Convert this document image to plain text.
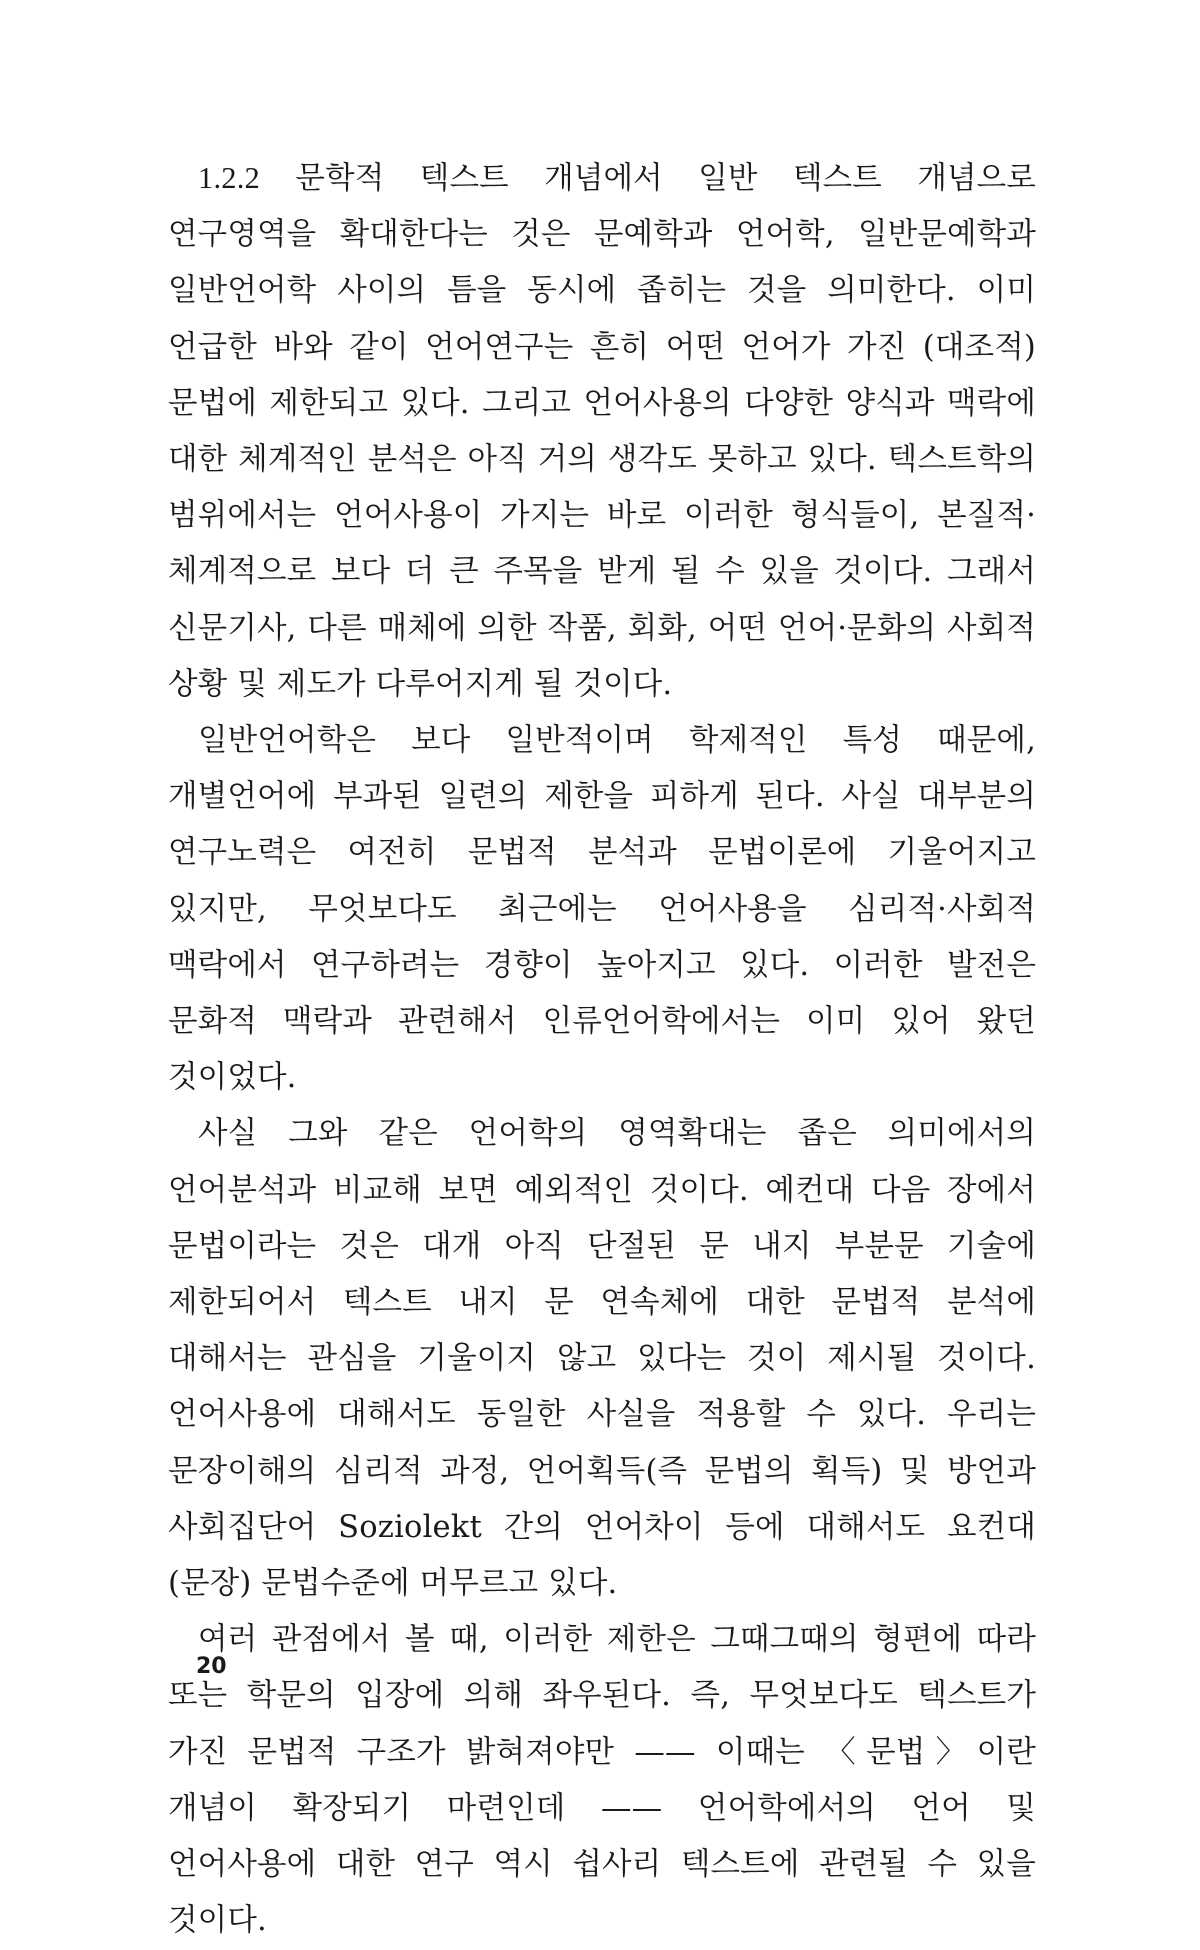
1.2.2 문학적 텍스트 개념에서 일반 텍스트 개념으로 연구영역을 확대한다는 것은 문예학과 언어학, 일반문예학과 일반언어학 사이의 틈을 동시에 좁히는 것을 의미한다. 이미 언급한 바와 같이 언어연구는 흔히 어떤 언어가 가진 (대조적) 문법에 제한되고 있다. 그리고 언어사용의 다양한 양식과 맥락에 대한 체계적인 분석은 아직 거의 생각도 못하고 있다. 텍스트학의 범위에서는 언어사용이 가지는 바로 이러한 형식들이, 본질적·체계적으로 보다 더 큰 주목을 받게 될 수 있을 것이다. 그래서 신문기사, 다른 매체에 의한 작품, 회화, 어떤 언어·문화의 사회적 상황 및 제도가 다루어지게 될 것이다.

일반언어학은 보다 일반적이며 학제적인 특성 때문에, 개별언어에 부과된 일련의 제한을 피하게 된다. 사실 대부분의 연구노력은 여전히 문법적 분석과 문법이론에 기울어지고 있지만, 무엇보다도 최근에는 언어사용을 심리적·사회적 맥락에서 연구하려는 경향이 높아지고 있다. 이러한 발전은 문화적 맥락과 관련해서 인류언어학에서는 이미 있어 왔던 것이었다.

사실 그와 같은 언어학의 영역확대는 좁은 의미에서의 언어분석과 비교해 보면 예외적인 것이다. 예컨대 다음 장에서 문법이라는 것은 대개 아직 단절된 문 내지 부분문 기술에 제한되어서 텍스트 내지 문 연속체에 대한 문법적 분석에 대해서는 관심을 기울이지 않고 있다는 것이 제시될 것이다. 언어사용에 대해서도 동일한 사실을 적용할 수 있다. 우리는 문장이해의 심리적 과정, 언어획득(즉 문법의 획득) 및 방언과 사회집단어 Soziolekt 간의 언어차이 등에 대해서도 요컨대 (문장) 문법수준에 머무르고 있다.

여러 관점에서 볼 때, 이러한 제한은 그때그때의 형편에 따라 또는 학문의 입장에 의해 좌우된다. 즉, 무엇보다도 텍스트가 가진 문법적 구조가 밝혀져야만 —— 이때는 〈문법〉이란 개념이 확장되기 마련인데 —— 언어학에서의 언어 및 언어사용에 대한 연구 역시 쉽사리 텍스트에 관련될 수 있을 것이다.

20
